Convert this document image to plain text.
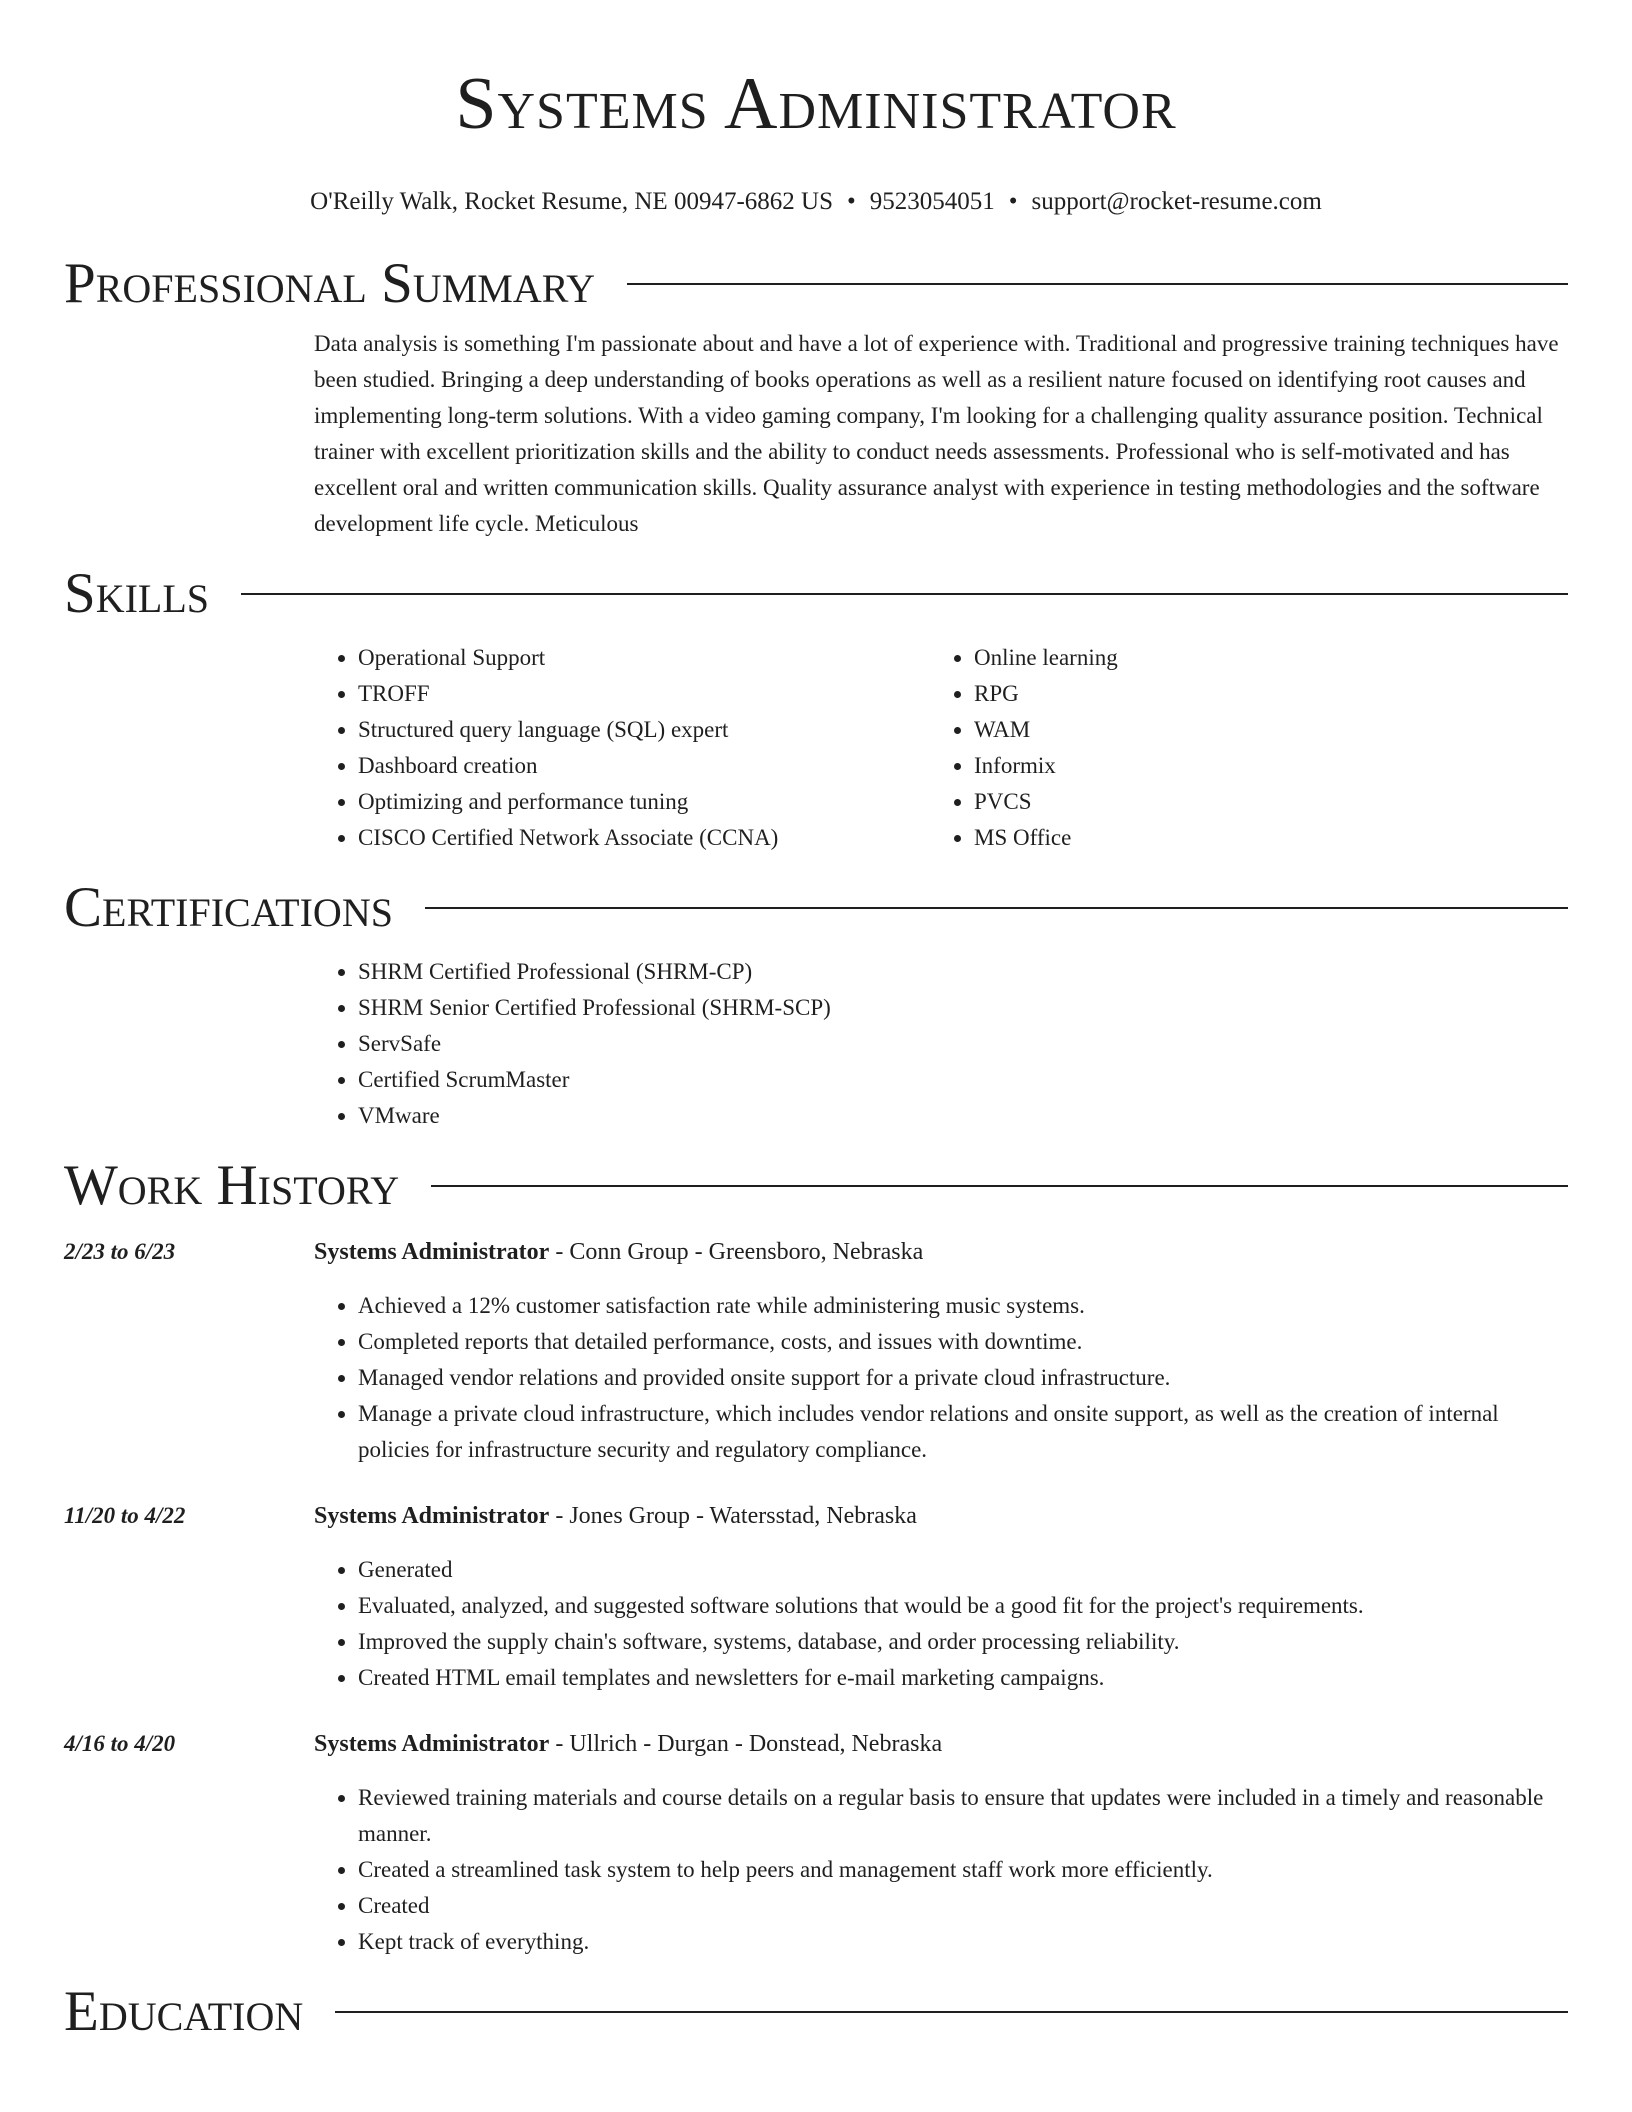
Systems Administrator
O'Reilly Walk, Rocket Resume, NE 00947-6862 US • 9523054051 • support@rocket-resume.com
Professional Summary

Data analysis is something I'm passionate about and have a lot of experience with. Traditional and progressive training techniques have been studied. Bringing a deep understanding of books operations as well as a resilient nature focused on identifying root causes and implementing long-term solutions. With a video gaming company, I'm looking for a challenging quality assurance position. Technical trainer with excellent prioritization skills and the ability to conduct needs assessments. Professional who is self-motivated and has excellent oral and written communication skills. Quality assurance analyst with experience in testing methodologies and the software development life cycle. Meticulous

Skills
• Operational Support
• TROFF
• Structured query language (SQL) expert
• Dashboard creation
• Optimizing and performance tuning
• CISCO Certified Network Associate (CCNA)
• Online learning
• RPG
• WAM
• Informix
• PVCS
• MS Office
Certifications
• SHRM Certified Professional (SHRM-CP)
• SHRM Senior Certified Professional (SHRM-SCP)
• ServSafe
• Certified ScrumMaster
• VMware
Work History
2/23 to 6/23	Systems Administrator - Conn Group - Greensboro, Nebraska
• Achieved a 12% customer satisfaction rate while administering music systems.
• Completed reports that detailed performance, costs, and issues with downtime.
• Managed vendor relations and provided onsite support for a private cloud infrastructure.
• Manage a private cloud infrastructure, which includes vendor relations and onsite support, as well as the creation of internal policies for infrastructure security and regulatory compliance.
11/20 to 4/22	Systems Administrator - Jones Group - Watersstad, Nebraska
• Generated
• Evaluated, analyzed, and suggested software solutions that would be a good fit for the project's requirements.
• Improved the supply chain's software, systems, database, and order processing reliability.
• Created HTML email templates and newsletters for e-mail marketing campaigns.
4/16 to 4/20	Systems Administrator - Ullrich - Durgan - Donstead, Nebraska
• Reviewed training materials and course details on a regular basis to ensure that updates were included in a timely and reasonable manner.
• Created a streamlined task system to help peers and management staff work more efficiently.
• Created
• Kept track of everything.
Education
